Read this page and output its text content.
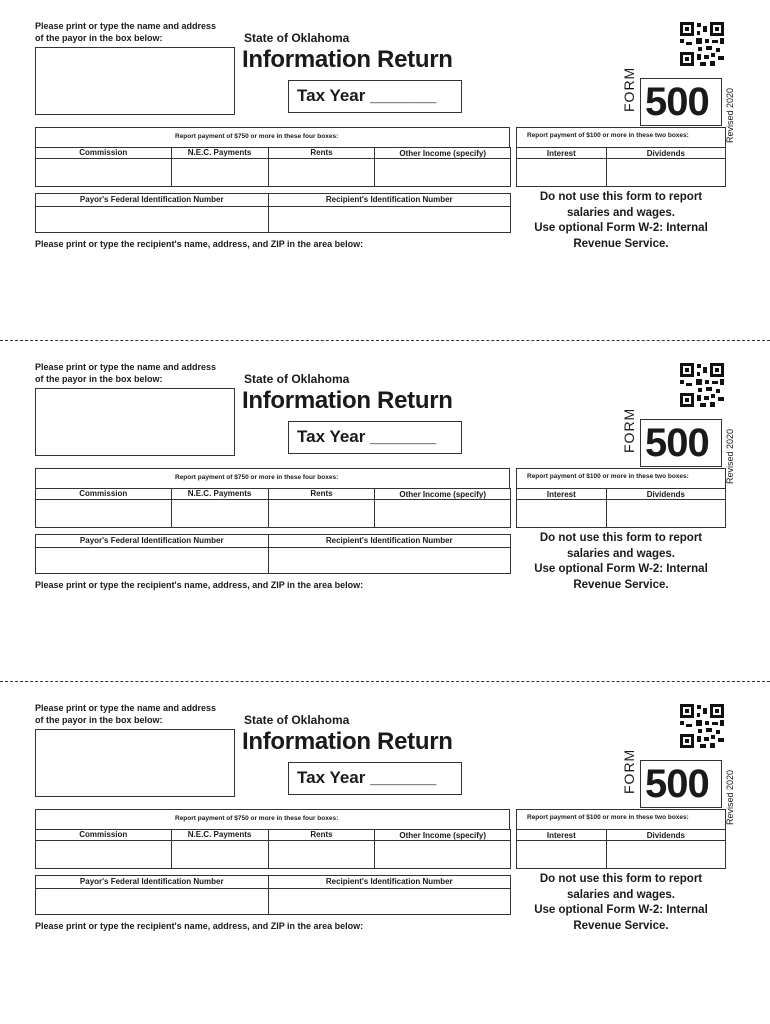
Please print or type the name and address
of the payor in the box below:	State of Oklahoma
Information Return
Tax Year _______	FORM 500 Revised 2020
Report payment of $750 or more in these four boxes:	Report payment of $100 or more in these two boxes:
Commission	N.E.C. Payments	Rents	Other Income (specify)

				Interest	Dividends

Payor's Federal Identification Number	Recipient's Identification Number

		Do not use this form to report
salaries and wages.
Use optional Form W-2: Internal
Revenue Service.
Please print or type the recipient's name, address, and ZIP in the area below:
Please print or type the name and address
of the payor in the box below:	State of Oklahoma
Information Return
Tax Year _______	FORM 500 Revised 2020
Report payment of $750 or more in these four boxes:	Report payment of $100 or more in these two boxes:
Commission	N.E.C. Payments	Rents	Other Income (specify)

				Interest	Dividends

Payor's Federal Identification Number	Recipient's Identification Number

		Do not use this form to report
salaries and wages.
Use optional Form W-2: Internal
Revenue Service.
Please print or type the recipient's name, address, and ZIP in the area below:
Please print or type the name and address
of the payor in the box below:	State of Oklahoma
Information Return
Tax Year _______	FORM 500 Revised 2020
Report payment of $750 or more in these four boxes:	Report payment of $100 or more in these two boxes:
Commission	N.E.C. Payments	Rents	Other Income (specify)

				Interest	Dividends

Payor's Federal Identification Number	Recipient's Identification Number

		Do not use this form to report
salaries and wages.
Use optional Form W-2: Internal
Revenue Service.
Please print or type the recipient's name, address, and ZIP in the area below:
